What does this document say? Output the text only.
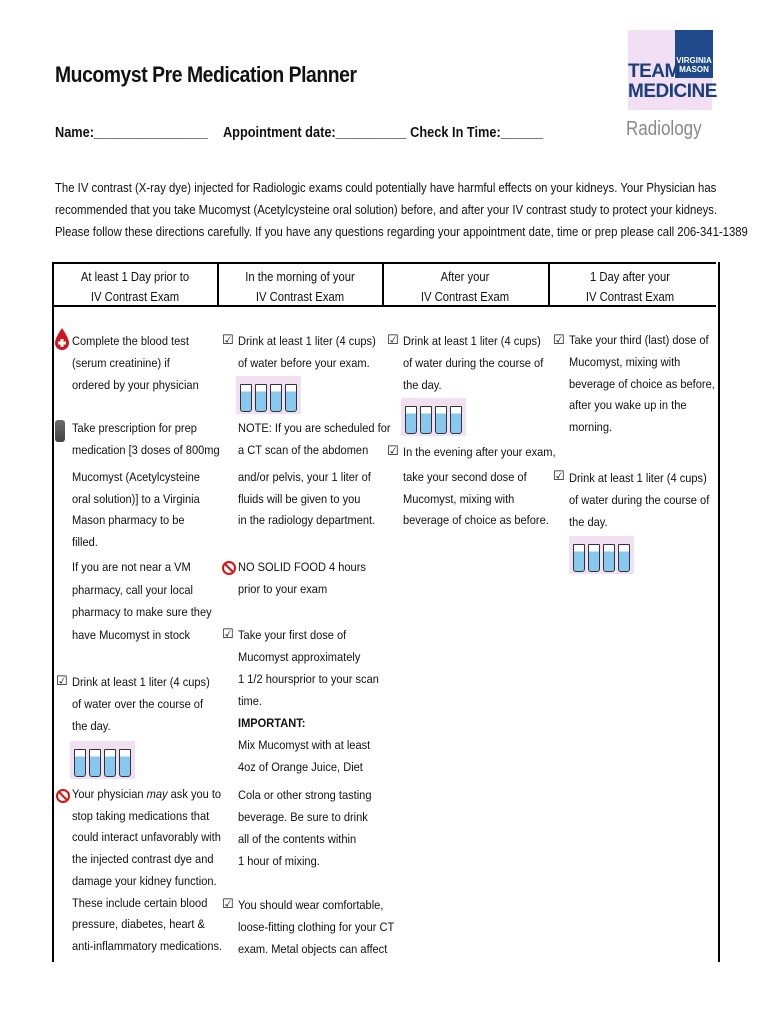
Mucomyst Pre Medication Planner
Name:________________ Appointment date:__________ Check In Time:______
VIRGINIA MASON
TEAM
MEDICINE
Radiology
The IV contrast (X-ray dye) injected for Radiologic exams could potentially have harmful effects on your kidneys. Your Physician has
recommended that you take Mucomyst (Acetylcysteine oral solution) before, and after your IV contrast study to protect your kidneys.
Please follow these directions carefully. If you have any questions regarding your appointment date, time or prep please call 206-341-1389
At least 1 Day prior to
IV Contrast Exam
In the morning of your
IV Contrast Exam
After your
IV Contrast Exam
1 Day after your
IV Contrast Exam
Complete the blood test
(serum creatinine) if
ordered by your physician
Take prescription for prep
medication [3 doses of 800mg
Mucomyst (Acetylcysteine
oral solution)] to a Virginia
Mason pharmacy to be
filled.
If you are not near a VM
pharmacy, call your local
pharmacy to make sure they
have Mucomyst in stock
☑ Drink at least 1 liter (4 cups)
of water over the course of
the day.
Your physician may ask you to
stop taking medications that
could interact unfavorably with
the injected contrast dye and
damage your kidney function.
These include certain blood
pressure, diabetes, heart &
anti-inflammatory medications.
☑ Drink at least 1 liter (4 cups)
of water before your exam.
NOTE: If you are scheduled for
a CT scan of the abdomen
and/or pelvis, your 1 liter of
fluids will be given to you
in the radiology department.
NO SOLID FOOD 4 hours
prior to your exam
☑ Take your first dose of
Mucomyst approximately
1 1/2 hoursprior to your scan
time.
IMPORTANT:
Mix Mucomyst with at least
4oz of Orange Juice, Diet
Cola or other strong tasting
beverage. Be sure to drink
all of the contents within
1 hour of mixing.
☑ You should wear comfortable,
loose-fitting clothing for your CT
exam. Metal objects can affect
☑ Drink at least 1 liter (4 cups)
of water during the course of
the day.
☑ In the evening after your exam,
take your second dose of
Mucomyst, mixing with
beverage of choice as before.
☑ Take your third (last) dose of
Mucomyst, mixing with
beverage of choice as before,
after you wake up in the
morning.
☑ Drink at least 1 liter (4 cups)
of water during the course of
the day.
